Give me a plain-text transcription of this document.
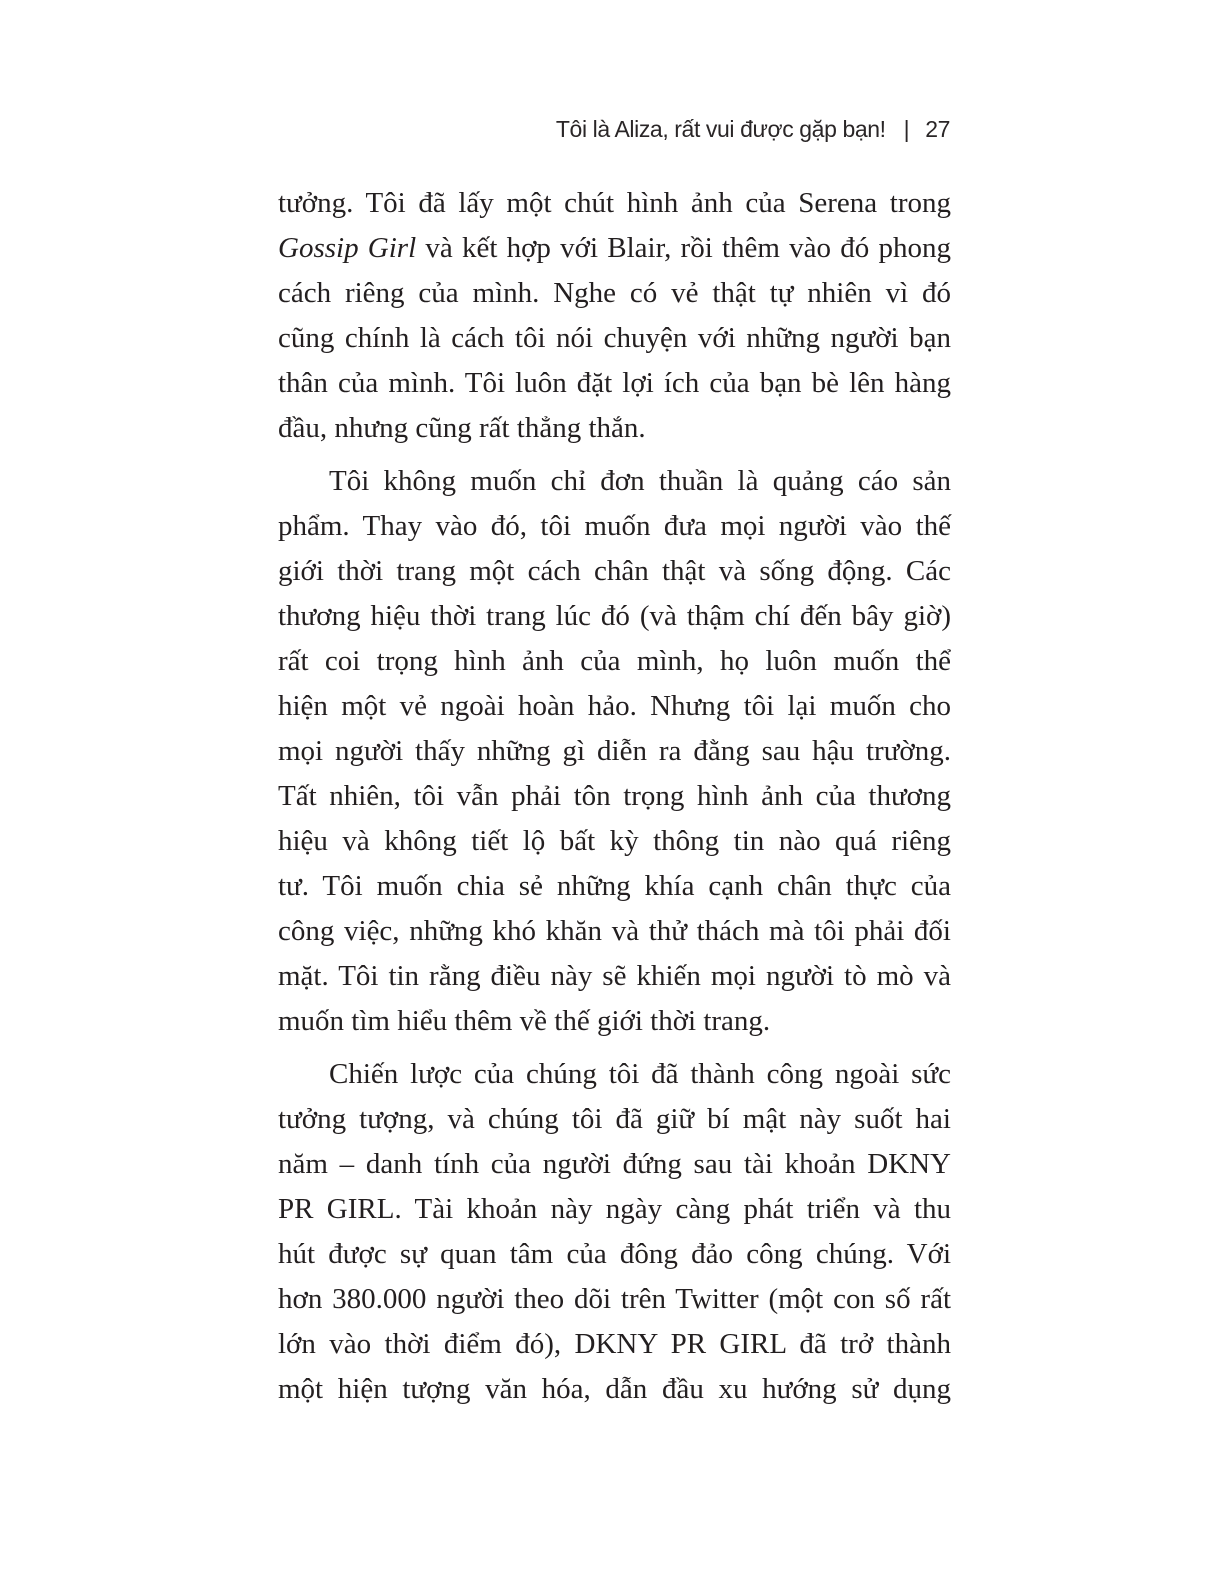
Tôi là Aliza, rất vui được gặp bạn! | 27

tưởng. Tôi đã lấy một chút hình ảnh của Serena trong

Gossip Girl và kết hợp với Blair, rồi thêm vào đó phong

cách riêng của mình. Nghe có vẻ thật tự nhiên vì đó

cũng chính là cách tôi nói chuyện với những người bạn

thân của mình. Tôi luôn đặt lợi ích của bạn bè lên hàng

đầu, nhưng cũng rất thẳng thắn.

Tôi không muốn chỉ đơn thuần là quảng cáo sản

phẩm. Thay vào đó, tôi muốn đưa mọi người vào thế

giới thời trang một cách chân thật và sống động. Các

thương hiệu thời trang lúc đó (và thậm chí đến bây giờ)

rất coi trọng hình ảnh của mình, họ luôn muốn thể

hiện một vẻ ngoài hoàn hảo. Nhưng tôi lại muốn cho

mọi người thấy những gì diễn ra đằng sau hậu trường.

Tất nhiên, tôi vẫn phải tôn trọng hình ảnh của thương

hiệu và không tiết lộ bất kỳ thông tin nào quá riêng

tư. Tôi muốn chia sẻ những khía cạnh chân thực của

công việc, những khó khăn và thử thách mà tôi phải đối

mặt. Tôi tin rằng điều này sẽ khiến mọi người tò mò và

muốn tìm hiểu thêm về thế giới thời trang.

Chiến lược của chúng tôi đã thành công ngoài sức

tưởng tượng, và chúng tôi đã giữ bí mật này suốt hai

năm – danh tính của người đứng sau tài khoản DKNY

PR GIRL. Tài khoản này ngày càng phát triển và thu

hút được sự quan tâm của đông đảo công chúng. Với

hơn 380.000 người theo dõi trên Twitter (một con số rất

lớn vào thời điểm đó), DKNY PR GIRL đã trở thành

một hiện tượng văn hóa, dẫn đầu xu hướng sử dụng
